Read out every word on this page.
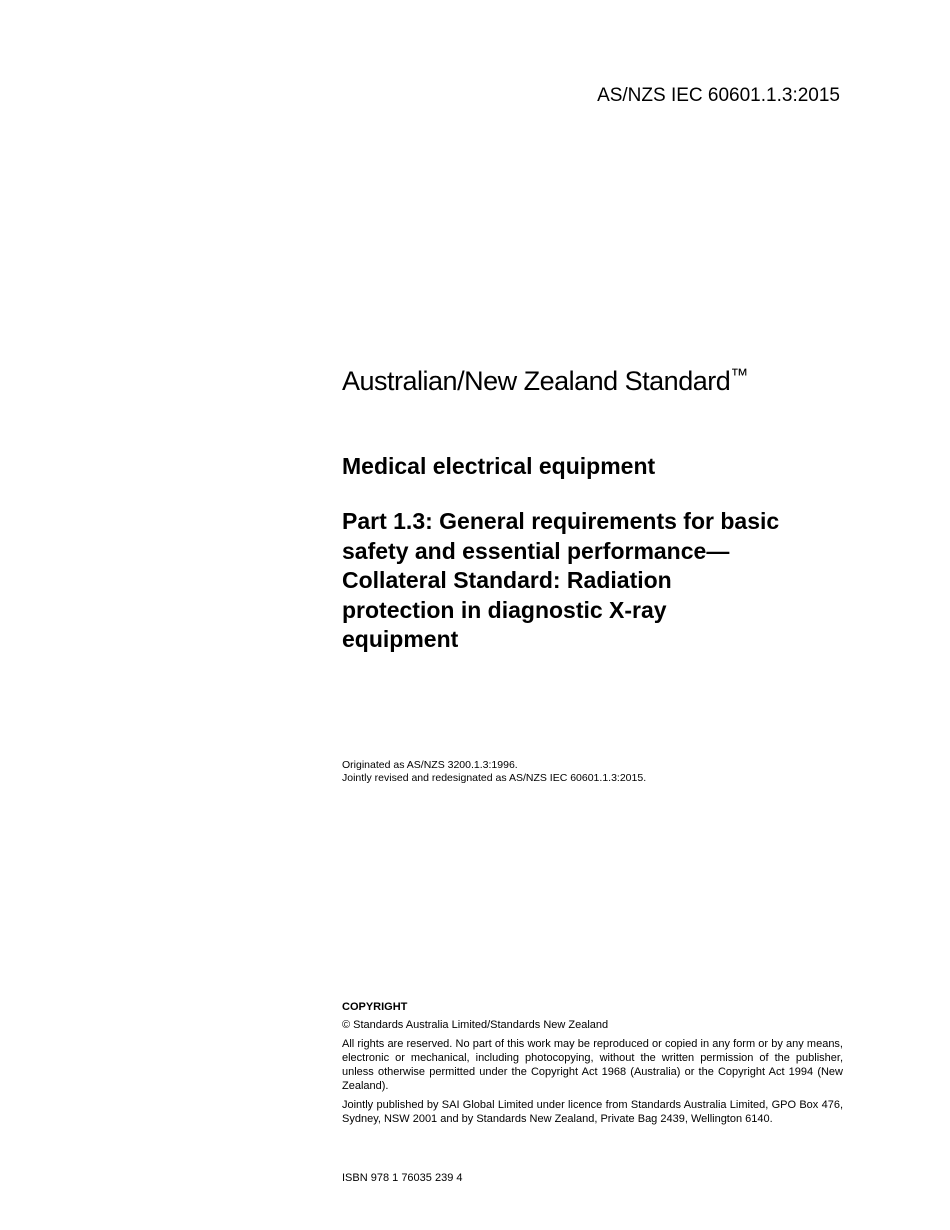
AS/NZS IEC 60601.1.3:2015
Australian/New Zealand Standard™
Medical electrical equipment
Part 1.3: General requirements for basic
safety and essential performance—
Collateral Standard: Radiation
protection in diagnostic X-ray
equipment
Originated as AS/NZS 3200.1.3:1996.
Jointly revised and redesignated as AS/NZS IEC 60601.1.3:2015.
COPYRIGHT

© Standards Australia Limited/Standards New Zealand

All rights are reserved. No part of this work may be reproduced or copied in any form or by any means, electronic or mechanical, including photocopying, without the written permission of the publisher, unless otherwise permitted under the Copyright Act 1968 (Australia) or the Copyright Act 1994 (New Zealand).

Jointly published by SAI Global Limited under licence from Standards Australia Limited, GPO Box 476, Sydney, NSW 2001 and by Standards New Zealand, Private Bag 2439, Wellington 6140.

ISBN 978 1 76035 239 4
